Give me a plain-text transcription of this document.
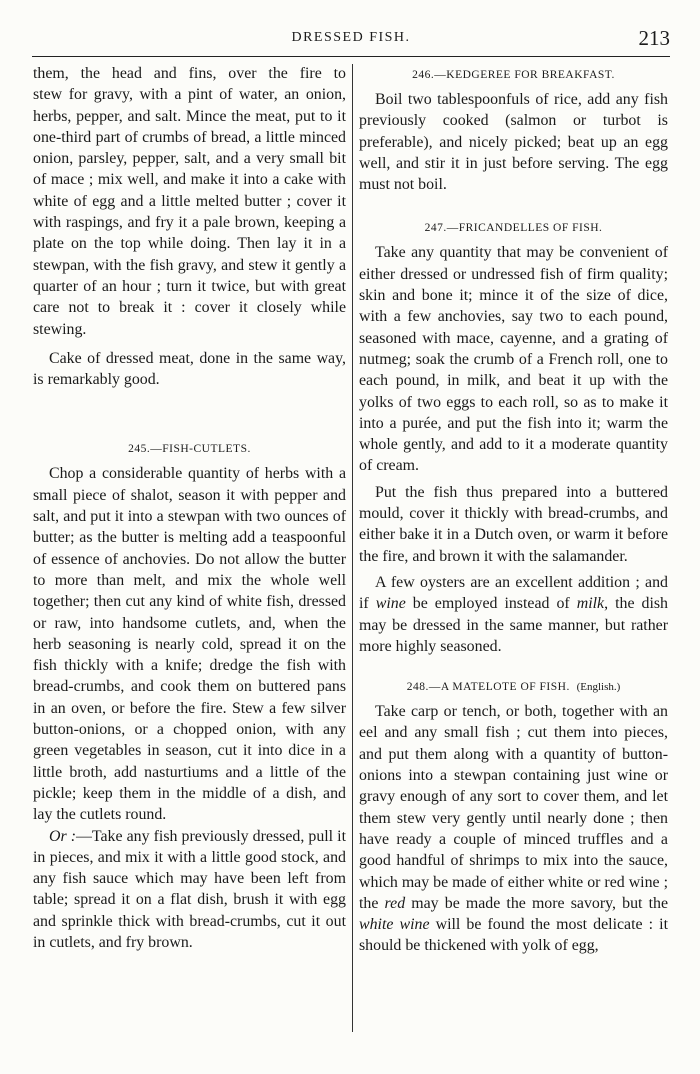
DRESSED FISH.	213

them, the head and fins, over the fire to

stew for gravy, with a pint of water, an onion, herbs, pepper, and salt. Mince the meat, put to it one-third part of crumbs of bread, a little minced onion, parsley, pepper, salt, and a very small bit of mace ; mix well, and make it into a cake with white of egg and a little melted butter ; cover it with raspings, and fry it a pale brown, keeping a plate on the top while doing. Then lay it in a stewpan, with the fish gravy, and stew it gently a quarter of an hour ; turn it twice, but with great care not to break it : cover it closely while stewing.

Cake of dressed meat, done in the same way, is remarkably good.

245.—FISH-CUTLETS.

Chop a considerable quantity of herbs with a small piece of shalot, season it with pepper and salt, and put it into a stewpan with two ounces of butter; as the butter is melting add a teaspoonful of essence of anchovies. Do not allow the butter to more than melt, and mix the whole well together; then cut any kind of white fish, dressed or raw, into handsome cutlets, and, when the herb seasoning is nearly cold, spread it on the fish thickly with a knife; dredge the fish with bread-crumbs, and cook them on buttered pans in an oven, or before the fire. Stew a few silver button-onions, or a chopped onion, with any green vegetables in season, cut it into dice in a little broth, add nasturtiums and a little of the pickle; keep them in the middle of a dish, and lay the cutlets round.

Or :—Take any fish previously dressed, pull it in pieces, and mix it with a little good stock, and any fish sauce which may have been left from table; spread it on a flat dish, brush it with egg and sprinkle thick with bread-crumbs, cut it out in cutlets, and fry brown.

246.—KEDGEREE FOR BREAKFAST.

Boil two tablespoonfuls of rice, add any fish previously cooked (salmon or turbot is preferable), and nicely picked; beat up an egg well, and stir it in just before serving. The egg must not boil.

247.—FRICANDELLES OF FISH.

Take any quantity that may be convenient of either dressed or undressed fish of firm quality; skin and bone it; mince it of the size of dice, with a few anchovies, say two to each pound, seasoned with mace, cayenne, and a grating of nutmeg; soak the crumb of a French roll, one to each pound, in milk, and beat it up with the yolks of two eggs to each roll, so as to make it into a purée, and put the fish into it; warm the whole gently, and add to it a moderate quantity of cream.

Put the fish thus prepared into a buttered mould, cover it thickly with bread-crumbs, and either bake it in a Dutch oven, or warm it before the fire, and brown it with the salamander.

A few oysters are an excellent addition ; and if wine be employed instead of milk, the dish may be dressed in the same manner, but rather more highly seasoned.

248.—A MATELOTE OF FISH. (English.)

Take carp or tench, or both, together with an eel and any small fish ; cut them into pieces, and put them along with a quantity of button-onions into a stewpan containing just wine or gravy enough of any sort to cover them, and let them stew very gently until nearly done ; then have ready a couple of minced truffles and a good handful of shrimps to mix into the sauce, which may be made of either white or red wine ; the red may be made the more savory, but the white wine will be found the most delicate : it should be thickened with yolk of egg,
